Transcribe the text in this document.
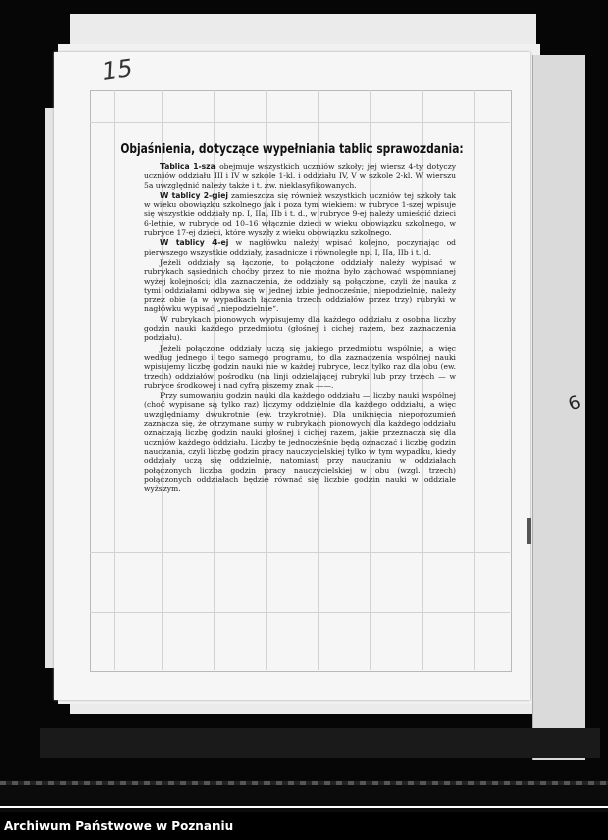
6
15
Objaśnienia, dotyczące wypełniania tablic sprawozdania:

Tablica 1-sza obejmuje wszystkich uczniów szkoły; jej wiersz 4-ty dotyczy uczniów oddziału III i IV w szkole 1-kl. i oddziału IV, V w szkole 2-kl. W wierszu 5a uwzględnić należy także i t. zw. nieklasyfikowanych.

W tablicy 2-giej zamieszcza się również wszystkich uczniów tej szkoły tak w wieku obowiązku szkolnego jak i poza tym wiekiem: w rubryce 1-szej wpisuje się wszystkie oddziały np. I, IIa, IIb i t. d., w rubryce 9-ej należy umieścić dzieci 6-letnie, w rubryce od 10–16 włącznie dzieci w wieku obowiązku szkolnego, w rubryce 17-ej dzieci, które wyszły z wieku obowiązku szkolnego.

W tablicy 4-ej w nagłówku należy wpisać kolejno, poczynając od pierwszego wszystkie oddziały, zasadnicze i równoległe np. I, IIa, IIb i t. d.

Jeżeli oddziały są łączone, to połączone oddziały należy wypisać w rubrykach sąsiednich choćby przez to nie można było zachować wspomnianej wyżej kolejności; dla zaznaczenia, że oddziały są połączone, czyli że nauka z tymi oddziałami odbywa się w jednej izbie jednocześnie, niepodzielnie, należy przez obie (a w wypadkach łączenia trzech oddziałów przez trzy) rubryki w nagłówku wypisać „niepodzielnie“.

W rubrykach pionowych wypisujemy dla każdego oddziału z osobna liczby godzin nauki każdego przedmiotu (głośnej i cichej razem, bez zaznaczenia podziału).

Jeżeli połączone oddziały uczą się jakiego przedmiotu wspólnie, a więc według jednego i tego samego programu, to dla zaznaczenia wspólnej nauki wpisujemy liczbę godzin nauki nie w każdej rubryce, lecz tylko raz dla obu (ew. trzech) oddziałów pośrodku (na linji odzielającej rubryki lub przy trzech — w rubryce środkowej i nad cyfrą piszemy znak ——.

Przy sumowaniu godzin nauki dla każdego oddziału — liczby nauki wspólnej (choć wypisane są tylko raz) liczymy oddzielnie dla każdego oddziału, a więc uwzględniamy dwukrotnie (ew. trzykrotnie). Dla uniknięcia nieporozumień zaznacza się, że otrzymane sumy w rubrykach pionowych dla każdego oddziału oznaczają liczbę godzin nauki głośnej i cichej razem, jakie przeznacza się dla uczniów każdego oddziału. Liczby te jednocześnie będą oznaczać i liczbę godzin nauczania, czyli liczbę godzin pracy nauczycielskiej tylko w tym wypadku, kiedy oddziały uczą się oddzielnie, natomiast przy nauczaniu w oddziałach połączonych liczba godzin pracy nauczycielskiej w obu (wzgl. trzech) połączonych oddziałach będzie równać się liczbie godzin nauki w oddziale wyższym.

Archiwum Państwowe w Poznaniu
